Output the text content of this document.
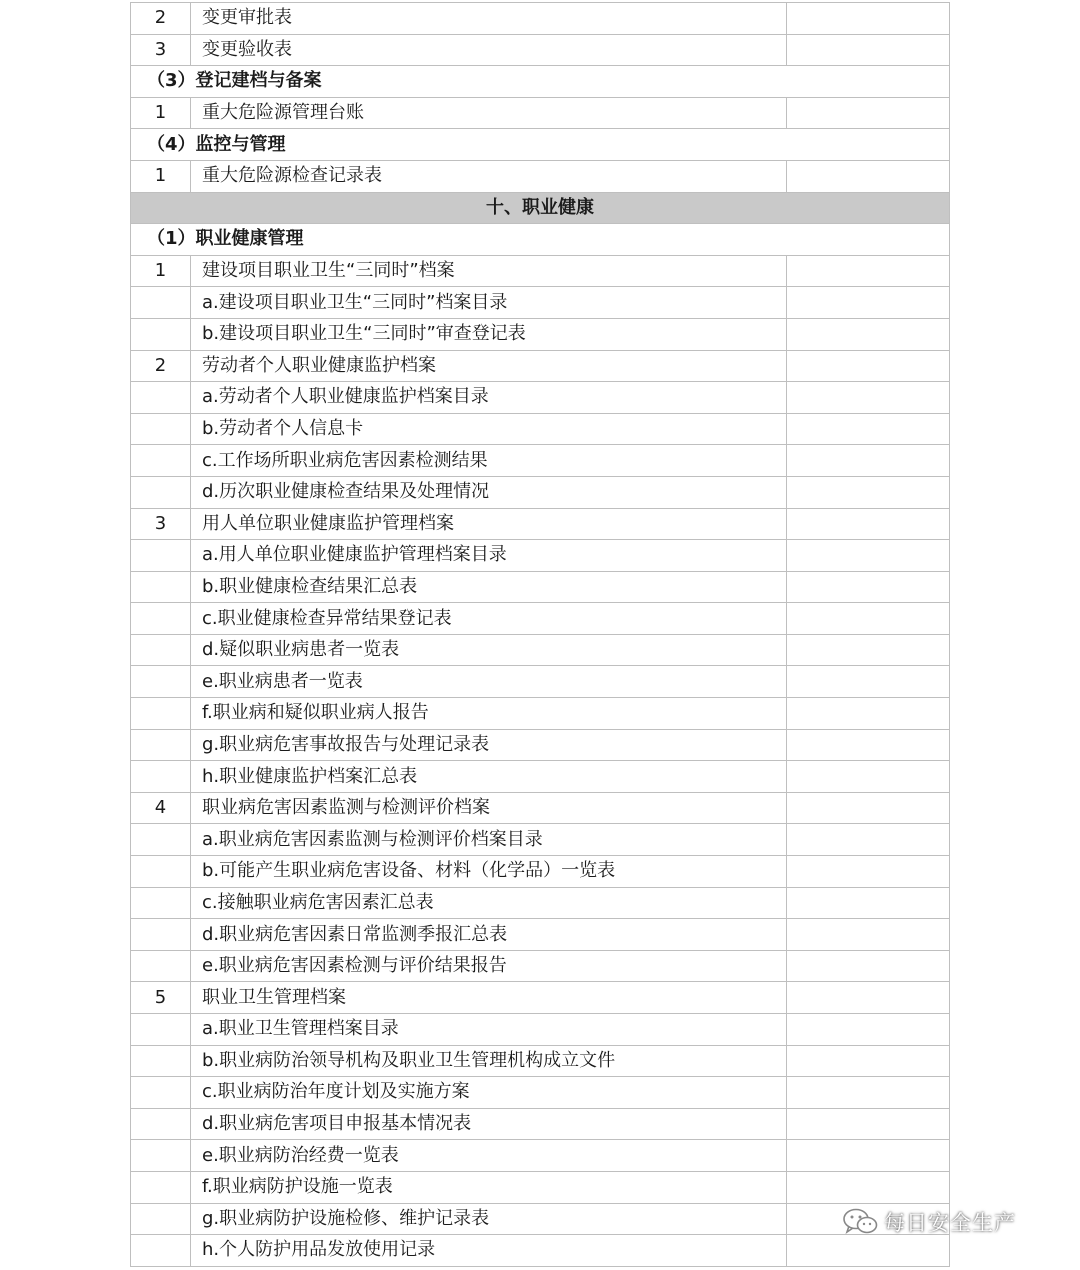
2	变更审批表	
3	变更验收表	
（3）登记建档与备案		
1	重大危险源管理台账	
（4）监控与管理		
1	重大危险源检查记录表	
十、职业健康		
（1）职业健康管理		
1	建设项目职业卫生“三同时”档案	
	a.建设项目职业卫生“三同时”档案目录	
	b.建设项目职业卫生“三同时”审查登记表	
2	劳动者个人职业健康监护档案	
	a.劳动者个人职业健康监护档案目录	
	b.劳动者个人信息卡	
	c.工作场所职业病危害因素检测结果	
	d.历次职业健康检查结果及处理情况	
3	用人单位职业健康监护管理档案	
	a.用人单位职业健康监护管理档案目录	
	b.职业健康检查结果汇总表	
	c.职业健康检查异常结果登记表	
	d.疑似职业病患者一览表	
	e.职业病患者一览表	
	f.职业病和疑似职业病人报告	
	g.职业病危害事故报告与处理记录表	
	h.职业健康监护档案汇总表	
4	职业病危害因素监测与检测评价档案	
	a.职业病危害因素监测与检测评价档案目录	
	b.可能产生职业病危害设备、材料（化学品）一览表	
	c.接触职业病危害因素汇总表	
	d.职业病危害因素日常监测季报汇总表	
	e.职业病危害因素检测与评价结果报告	
5	职业卫生管理档案	
	a.职业卫生管理档案目录	
	b.职业病防治领导机构及职业卫生管理机构成立文件	
	c.职业病防治年度计划及实施方案	
	d.职业病危害项目申报基本情况表	
	e.职业病防治经费一览表	
	f.职业病防护设施一览表	
	g.职业病防护设施检修、维护记录表	
	h.个人防护用品发放使用记录	
每日安全生产
